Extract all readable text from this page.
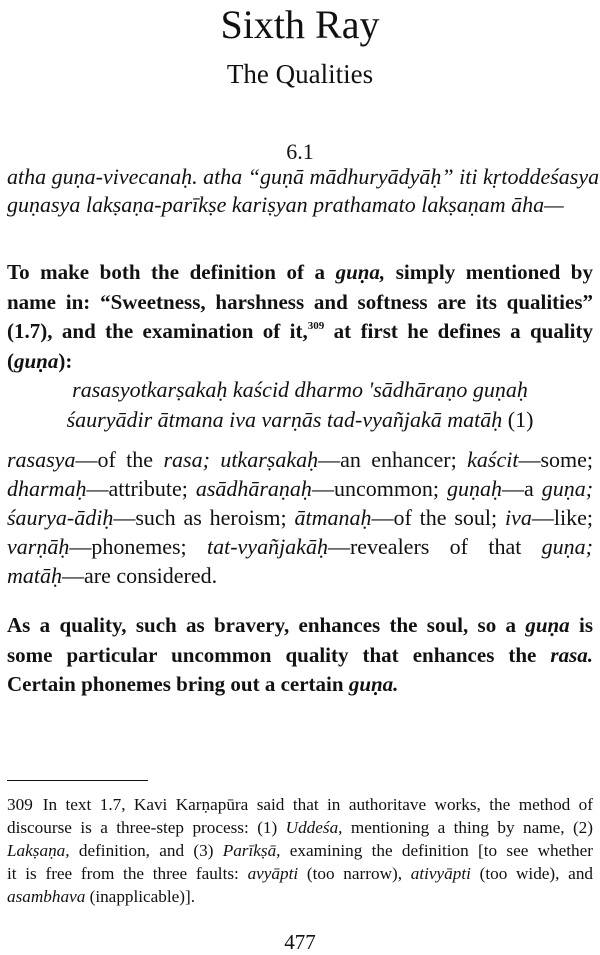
Sixth Ray
The Qualities
6.1

atha guṇa-vivecanaḥ. atha “guṇā mādhuryādyāḥ” iti kṛtoddeśasya
guṇasya lakṣaṇa-parīkṣe kariṣyan prathamato lakṣaṇam āha—

To make both the definition of a guṇa, simply mentioned by
name in: “Sweetness, harshness and softness are its qualities”
(1.7), and the examination of it,$^{309}$ at first he defines a quality
(guṇa):

rasasyotkarṣakaḥ kaścid dharmo 'sādhāraṇo guṇaḥ
śauryādir ātmana iva varṇās tad-vyañjakā matāḥ (1)

rasasya—of the rasa; utkarṣakaḥ—an enhancer; kaścit—some;
dharmaḥ—attribute; asādhāraṇaḥ—uncommon; guṇaḥ—a guṇa;
śaurya-ādiḥ—such as heroism; ātmanaḥ—of the soul; iva—like;
varṇāḥ—phonemes; tat-vyañjakāḥ—revealers of that guṇa;
matāḥ—are considered.

As a quality, such as bravery, enhances the soul, so a guṇa is
some particular uncommon quality that enhances the rasa.
Certain phonemes bring out a certain guṇa.

309 In text 1.7, Kavi Karṇapūra said that in authoritave works, the method of
discourse is a three-step process: (1) Uddeśa, mentioning a thing by name, (2)
Lakṣaṇa, definition, and (3) Parīkṣā, examining the definition [to see whether
it is free from the three faults: avyāpti (too narrow), ativyāpti (too wide), and
asambhava (inapplicable)].

477
